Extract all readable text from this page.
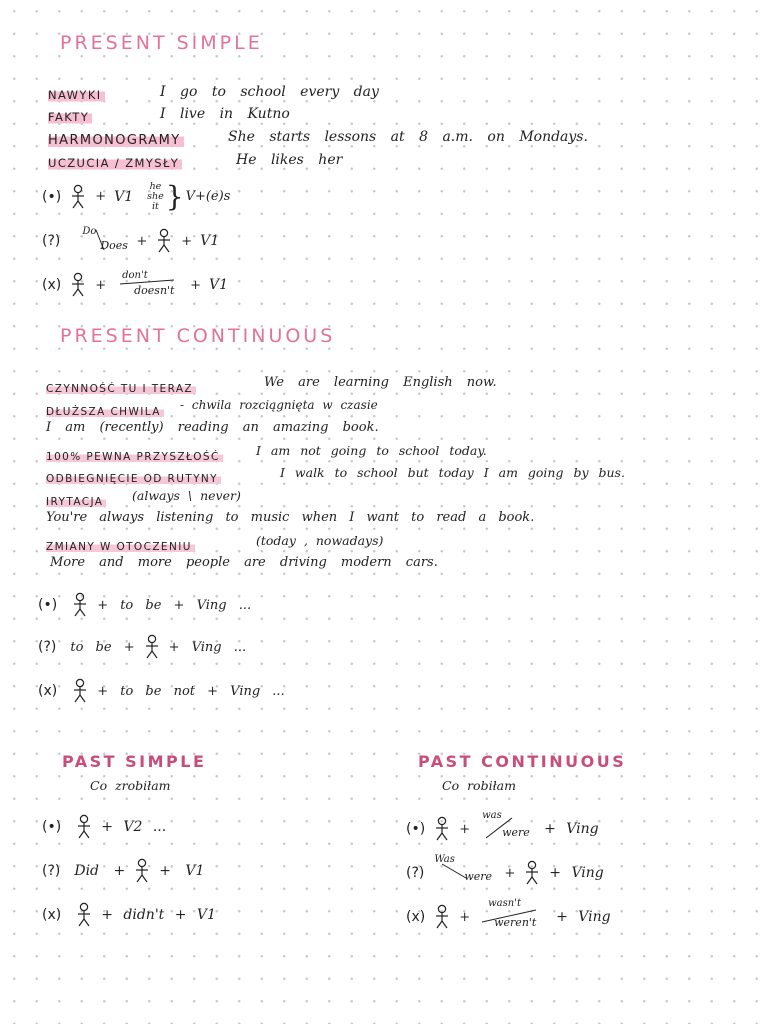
PRESENT SIMPLE
NAWYKI	I go to school every day
FAKTY	I live in Kutno
HARMONOGRAMY	She starts lessons at 8 a.m. on Mondays.
UCZUCIA / ZMYSŁY	He likes her
(•)	+ V1
he
she
it } V+(e)s
(?)
Do
Does +	+ V1
(x)	+
don't
doesn't + V1
PRESENT CONTINUOUS
CZYNNOŚĆ TU I TERAZ	We are learning English now.
DŁUŻSZA CHWILA - chwila rozciągnięta w czasie
I am (recently) reading an amazing book.
100% PEWNA PRZYSZŁOŚĆ	I am not going to school today.
ODBIEGNIĘCIE OD RUTYNY	I walk to school but today I am going by bus.
IRYTACJA (always \ never)
You're always listening to music when I want to read a book.
ZMIANY W OTOCZENIU	(today , nowadays)
More and more people are driving modern cars.
(•)	+ to be + Ving ...
(?) to be +	+ Ving ...
(x)	+ to be not + Ving ...
PAST SIMPLE
Co zrobiłam
(•)	+ V2 ...
(?) Did + + V1
(x)	+ didn't + V1
PAST CONTINUOUS
Co robiłam
(•)	+
was
were + Ving
(?)
Was
were + + Ving
(x)	+
wasn't
weren't + Ving
